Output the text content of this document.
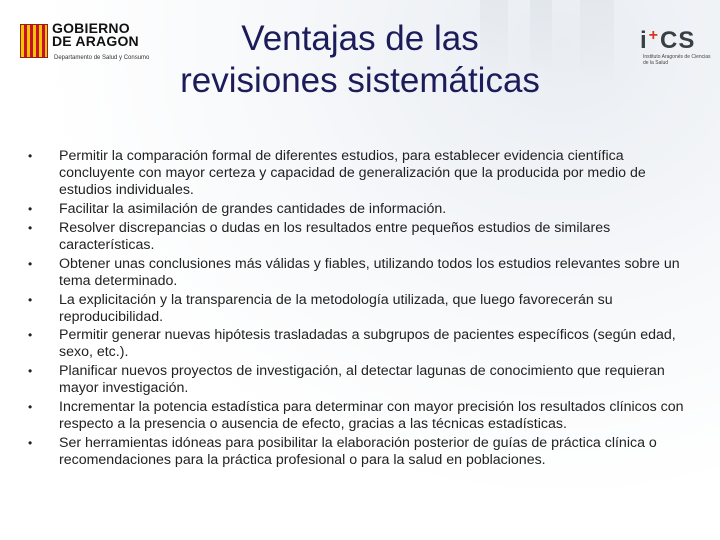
GOBIERNO
DE ARAGON
Departamento de Salud y Consumo
i+CS
Instituto Aragonés de Ciencias de la Salud
Ventajas de las
revisiones sistemáticas
• Permitir la comparación formal de diferentes estudios, para establecer evidencia científica concluyente con mayor certeza y capacidad de generalización que la producida por medio de estudios individuales.
• Facilitar la asimilación de grandes cantidades de información.
• Resolver discrepancias o dudas en los resultados entre pequeños estudios de similares características.
• Obtener unas conclusiones más válidas y fiables, utilizando todos los estudios relevantes sobre un tema determinado.
• La explicitación y la transparencia de la metodología utilizada, que luego favorecerán su reproducibilidad.
• Permitir generar nuevas hipótesis trasladadas a subgrupos de pacientes específicos (según edad, sexo, etc.).
• Planificar nuevos proyectos de investigación, al detectar lagunas de conocimiento que requieran mayor investigación.
• Incrementar la potencia estadística para determinar con mayor precisión los resultados clínicos con respecto a la presencia o ausencia de efecto, gracias a las técnicas estadísticas.
• Ser herramientas idóneas para posibilitar la elaboración posterior de guías de práctica clínica o recomendaciones para la práctica profesional o para la salud en poblaciones.
